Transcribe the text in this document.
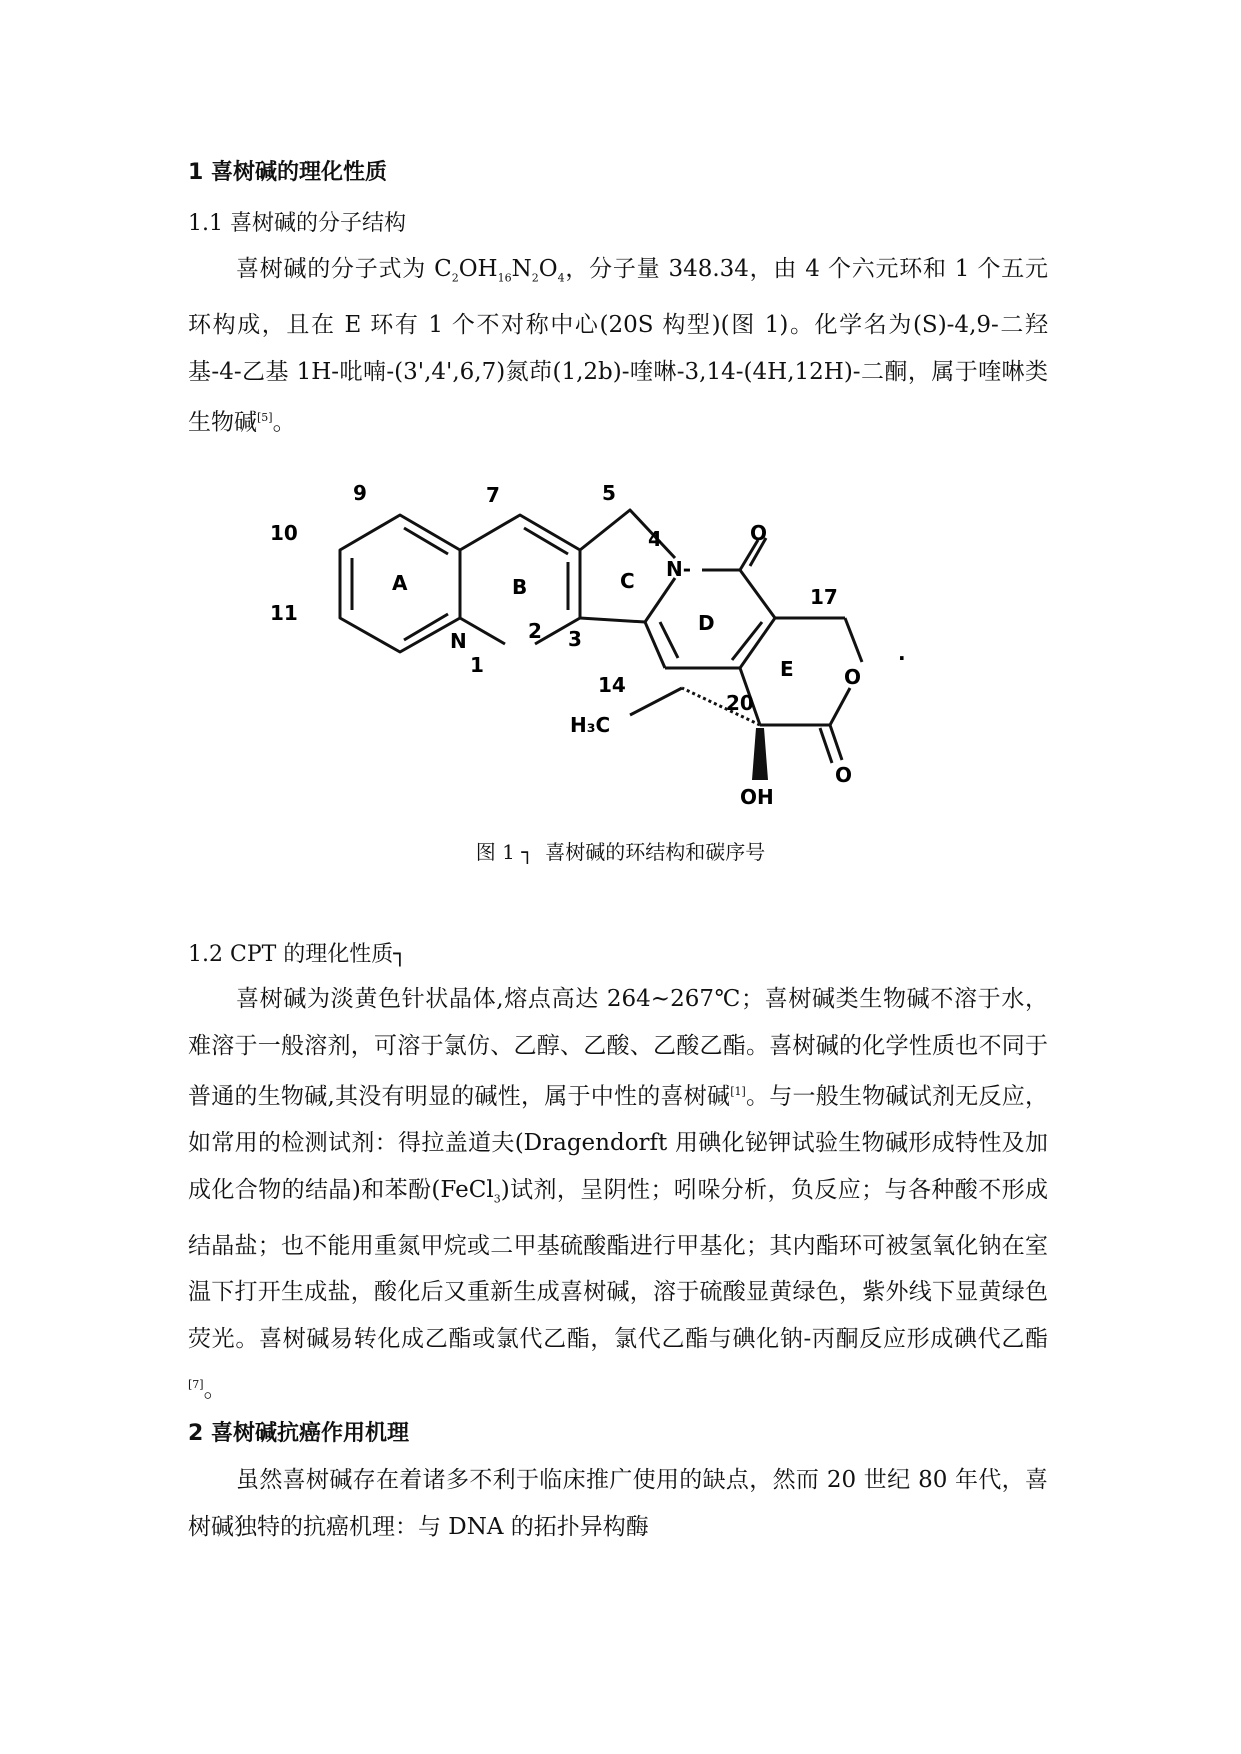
1 喜树碱的理化性质
1.1 喜树碱的分子结构

喜树碱的分子式为 $C_2OH_{16}N_2O_4$，分子量 348.34，由 4 个六元环和 1 个五元环构成，且在 E 环有 1 个不对称中心(20S 构型)(图 1)。化学名为(S)-4,9-二羟基-4-乙基 1H-吡喃-(3',4',6,7)氮茚(1,2b)-喹啉-3,14-(4H,12H)-二酮，属于喹啉类生物碱[5]。

N
N-
O
O
O
H₃C
OH
.
A	B	C
D
E
9	7	5
10	4
17
11
2 3
1
14
20
图 1 ┐ 喜树碱的环结构和碳序号
1.2 CPT 的理化性质┐

喜树碱为淡黄色针状晶体,熔点高达 264~267℃；喜树碱类生物碱不溶于水，难溶于一般溶剂，可溶于氯仿、乙醇、乙酸、乙酸乙酯。喜树碱的化学性质也不同于普通的生物碱,其没有明显的碱性，属于中性的喜树碱[1]。与一般生物碱试剂无反应，如常用的检测试剂：得拉盖道夫(Dragendorft 用碘化铋钾试验生物碱形成特性及加成化合物的结晶)和苯酚(FeCl$_3$)试剂，呈阴性；吲哚分析，负反应；与各种酸不形成结晶盐；也不能用重氮甲烷或二甲基硫酸酯进行甲基化；其内酯环可被氢氧化钠在室温下打开生成盐，酸化后又重新生成喜树碱，溶于硫酸显黄绿色，紫外线下显黄绿色荧光。喜树碱易转化成乙酯或氯代乙酯，氯代乙酯与碘化钠-丙酮反应形成碘代乙酯[7]。

2 喜树碱抗癌作用机理

虽然喜树碱存在着诸多不利于临床推广使用的缺点，然而 20 世纪 80 年代，喜树碱独特的抗癌机理：与 DNA 的拓扑异构酶
